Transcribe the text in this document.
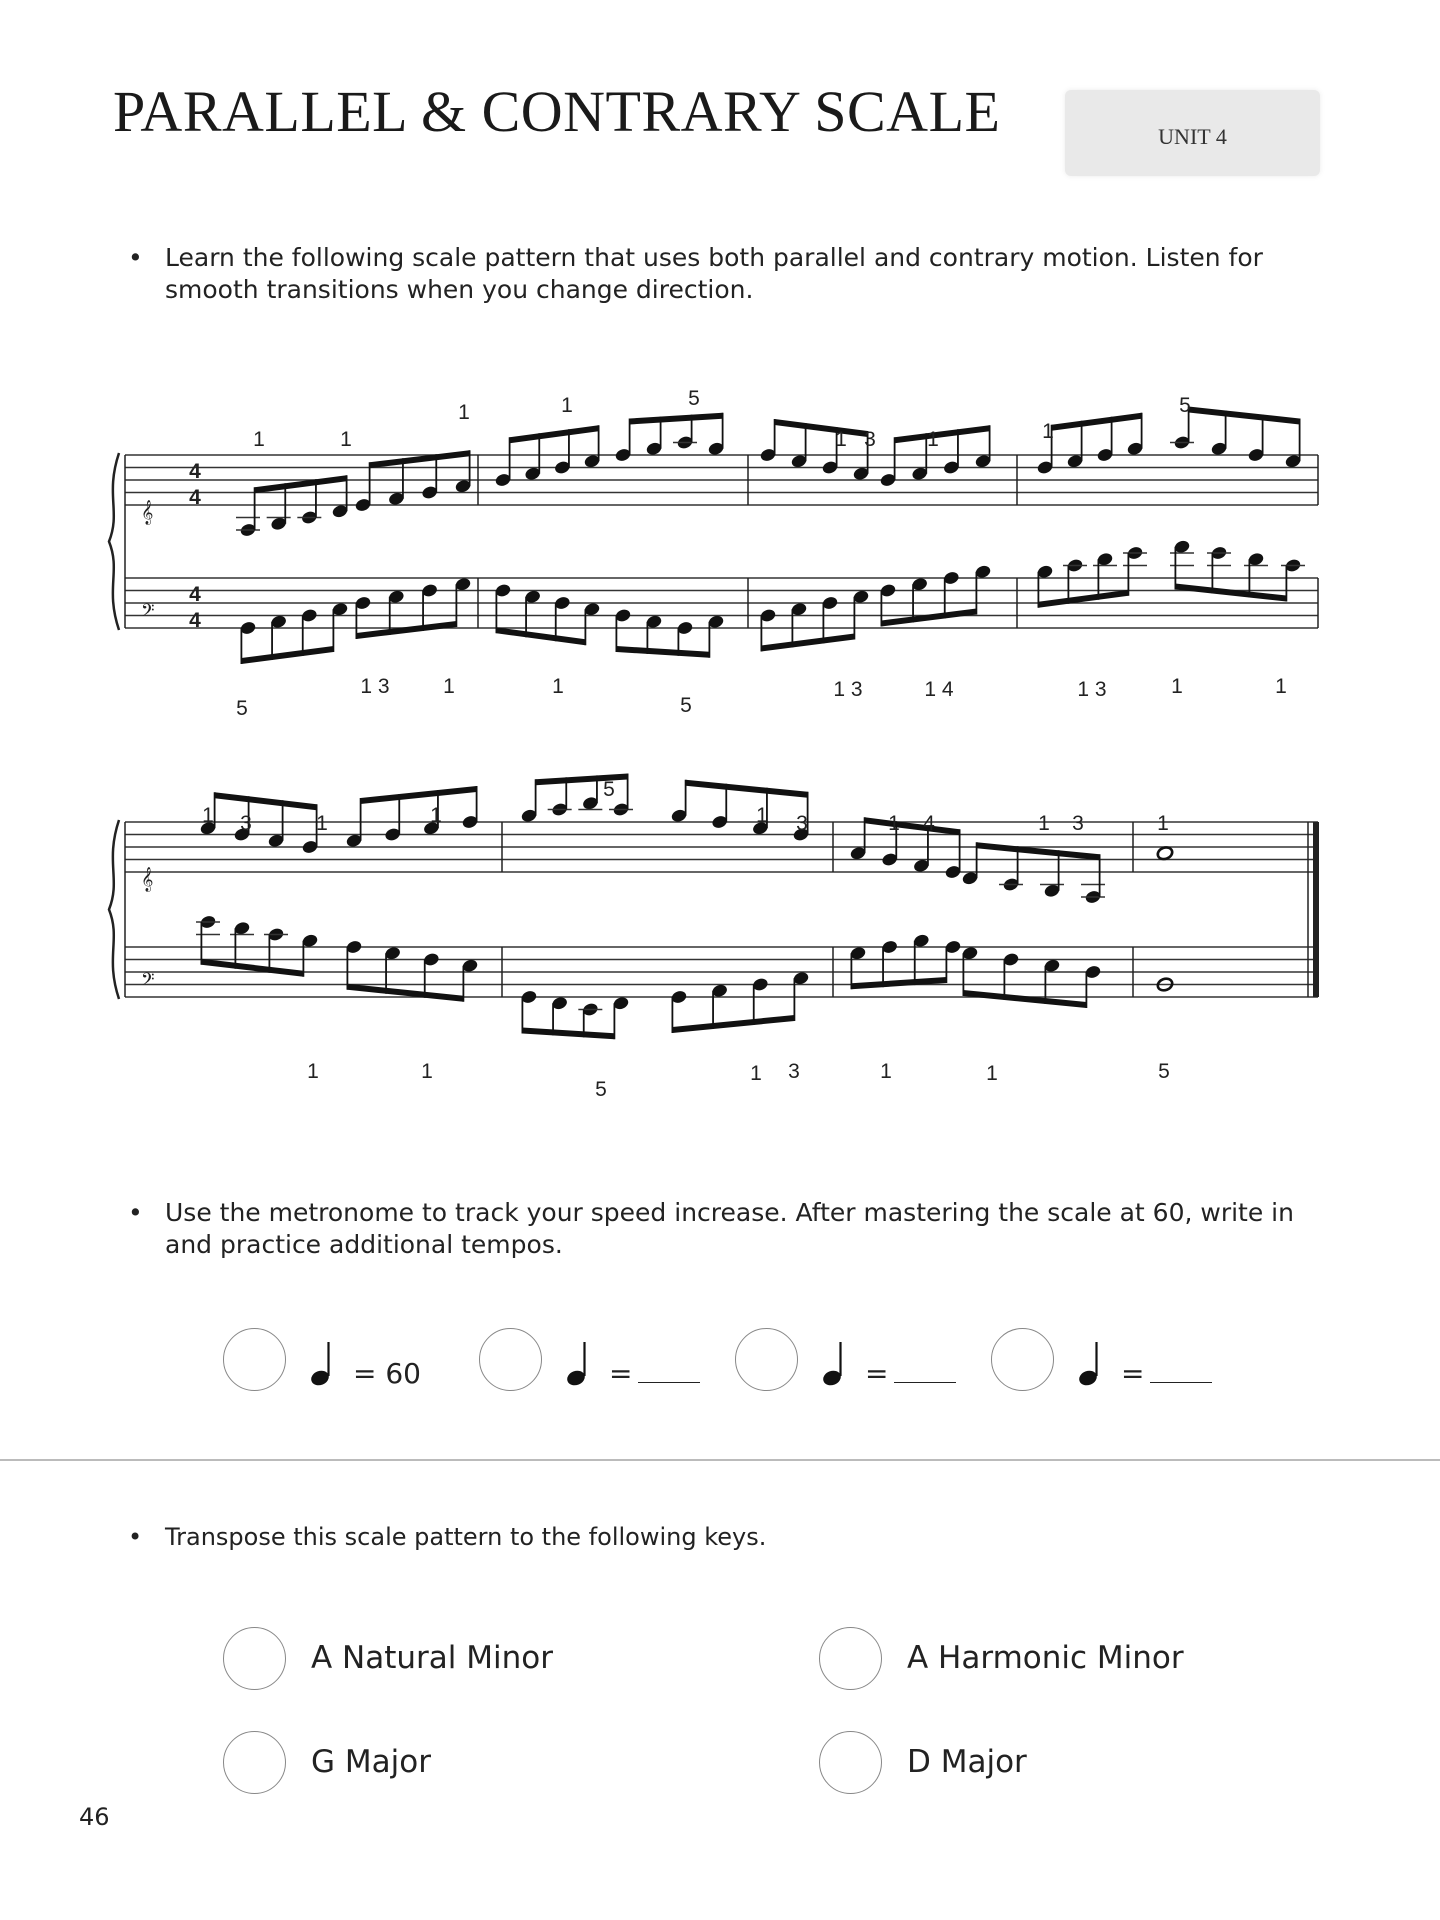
PARALLEL & CONTRARY SCALE	UNIT 4
• Learn the following scale pattern that uses both parallel and contrary motion. Listen for smooth transitions when you change direction.
𝄞
𝄢
𝄞
𝄢
4
4
4
4
1	1
1	1	5
1 3 1	1
5
5
1 3	1	1
5
1 3	1 4	1 3	1	1
1 3	1	1
5
1 3	1 4	1 3	1
1	1
5
1 3	1	1	5
• Use the metronome to track your speed increase. After mastering the scale at 60, write in and practice additional tempos.
= 60	=	=	=
• Transpose this scale pattern to the following keys.
A Natural Minor	A Harmonic Minor
G Major	D Major
46
